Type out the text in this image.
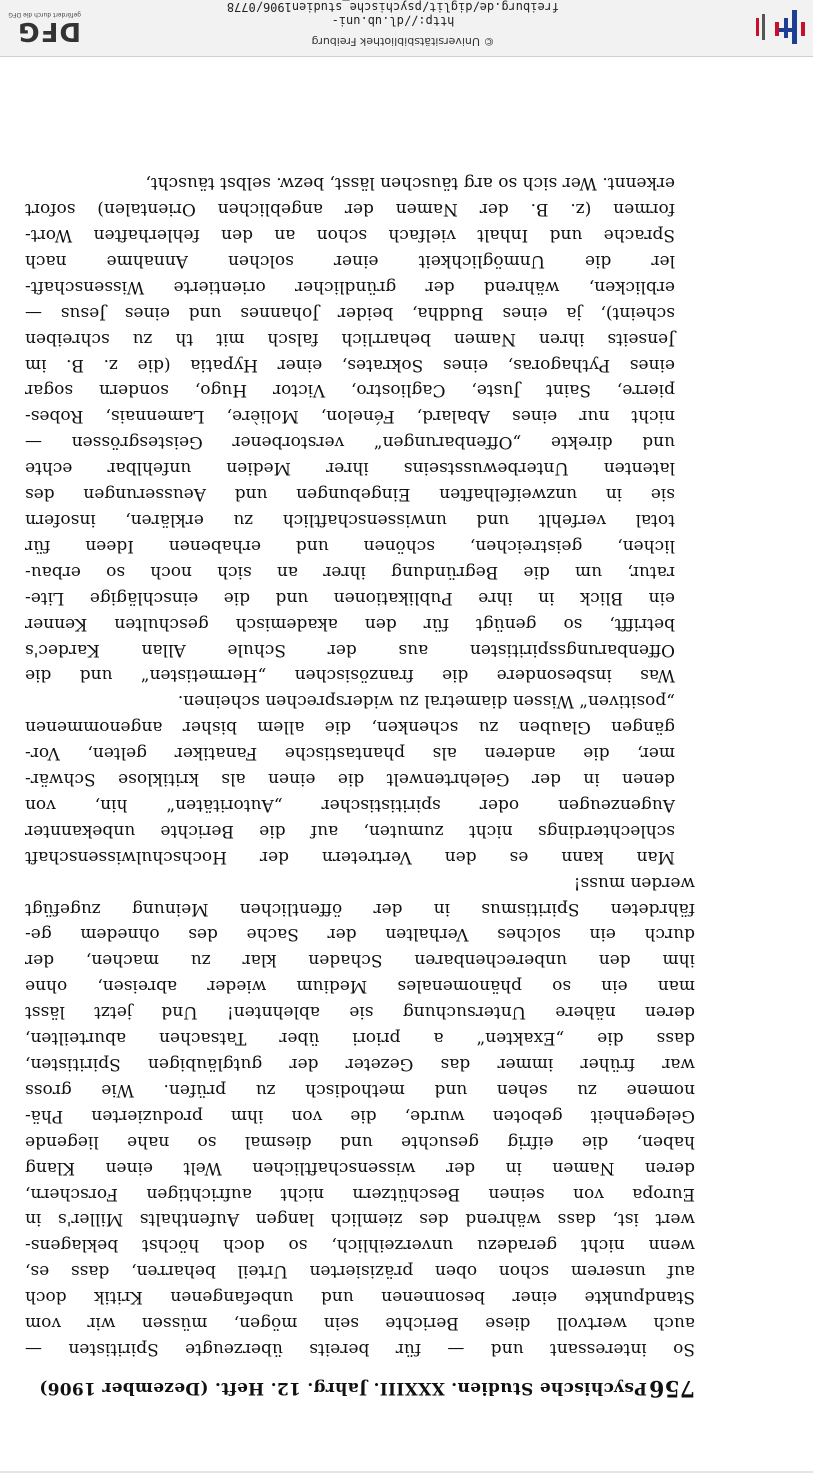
756
Psychische Studien. XXXIII. Jahrg. 12. Heft. (Dezember 1906)

So interessant und — für bereits überzeugte Spiritisten —
auch wertvoll diese Berichte sein mögen, müssen wir vom
Standpunkte einer besonnenen und unbefangenen Kritik doch
auf unserem schon oben präzisierten Urteil beharren, dass es,
wenn nicht geradezu unverzeihlich, so doch höchst beklagens-
wert ist, dass während des ziemlich langen Aufenthalts Miller's in
Europa von seinen Beschützern nicht aufrichtigen Forschern,
deren Namen in der wissenschaftlichen Welt einen Klang
haben, die eifrig gesuchte und diesmal so nahe liegende
Gelegenheit geboten wurde, die von ihm produzierten Phä-
nomene zu sehen und methodisch zu prüfen. Wie gross
war früher immer das Gezeter der gutgläubigen Spiritisten,
dass die „Exakten“ a priori über Tatsachen aburteilten,
deren nähere Untersuchung sie ablehnten! Und jetzt lässt
man ein so phänomenales Medium wieder abreisen, ohne
ihm den unberechenbaren Schaden klar zu machen, der
durch ein solches Verhalten der Sache des ohnedem ge-
fährdeten Spiritismus in der öffentlichen Meinung zugefügt
werden muss!

Man kann es den Vertretern der Hochschulwissenschaft
schlechterdings nicht zumuten, auf die Berichte unbekannter
Augenzeugen oder spiritistischer „Autoritäten“ hin, von
denen in der Gelehrtenwelt die einen als kritiklose Schwär-
mer, die anderen als phantastische Fanatiker gelten, Vor-
gängen Glauben zu schenken, die allem bisher angenommenen
„positiven“ Wissen diametral zu widersprechen scheinen.

Was insbesondere die französischen „Hermetisten“ und die
Offenbarungsspiritisten aus der Schule Allan Kardec's
betrifft, so genügt für den akademisch geschulten Kenner
ein Blick in ihre Publikationen und die einschlägige Lite-
ratur, um die Begründung ihrer an sich noch so erbau-
lichen, geistreichen, schönen und erhabenen Ideen für
total verfehlt und unwissenschaftlich zu erklären, insofern
sie in unzweifelhaften Eingebungen und Aeusserungen des
latenten Unterbewusstseins ihrer Medien unfehlbar echte
und direkte „Offenbarungen“ verstorbener Geistesgrössen —
nicht nur eines Abalard, Fénelon, Molière, Lamennais, Robes-
pierre, Saint Juste, Cagliostro, Victor Hugo, sondern sogar
eines Pythagoras, eines Sokrates, einer Hypatia (die z. B. im
Jenseits ihren Namen beharrlich falsch mit th zu schreiben
scheint), ja eines Buddha, beider Johannes und eines Jesus —
erblicken, während der gründlicher orientierte Wissenschaft-
ler die Unmöglichkeit einer solchen Annahme nach
Sprache und Inhalt vielfach schon an den fehlerhaften Wort-
formen (z. B. der Namen der angeblichen Orientalen) sofort
erkennt. Wer sich so arg täuschen lässt, bezw. selbst täuscht,

http://dl.ub.uni-freiburg.de/diglit/psychische_studien1906/0778
© Universitätsbibliothek Freiburg
DFG
gefördert durch die DFG
